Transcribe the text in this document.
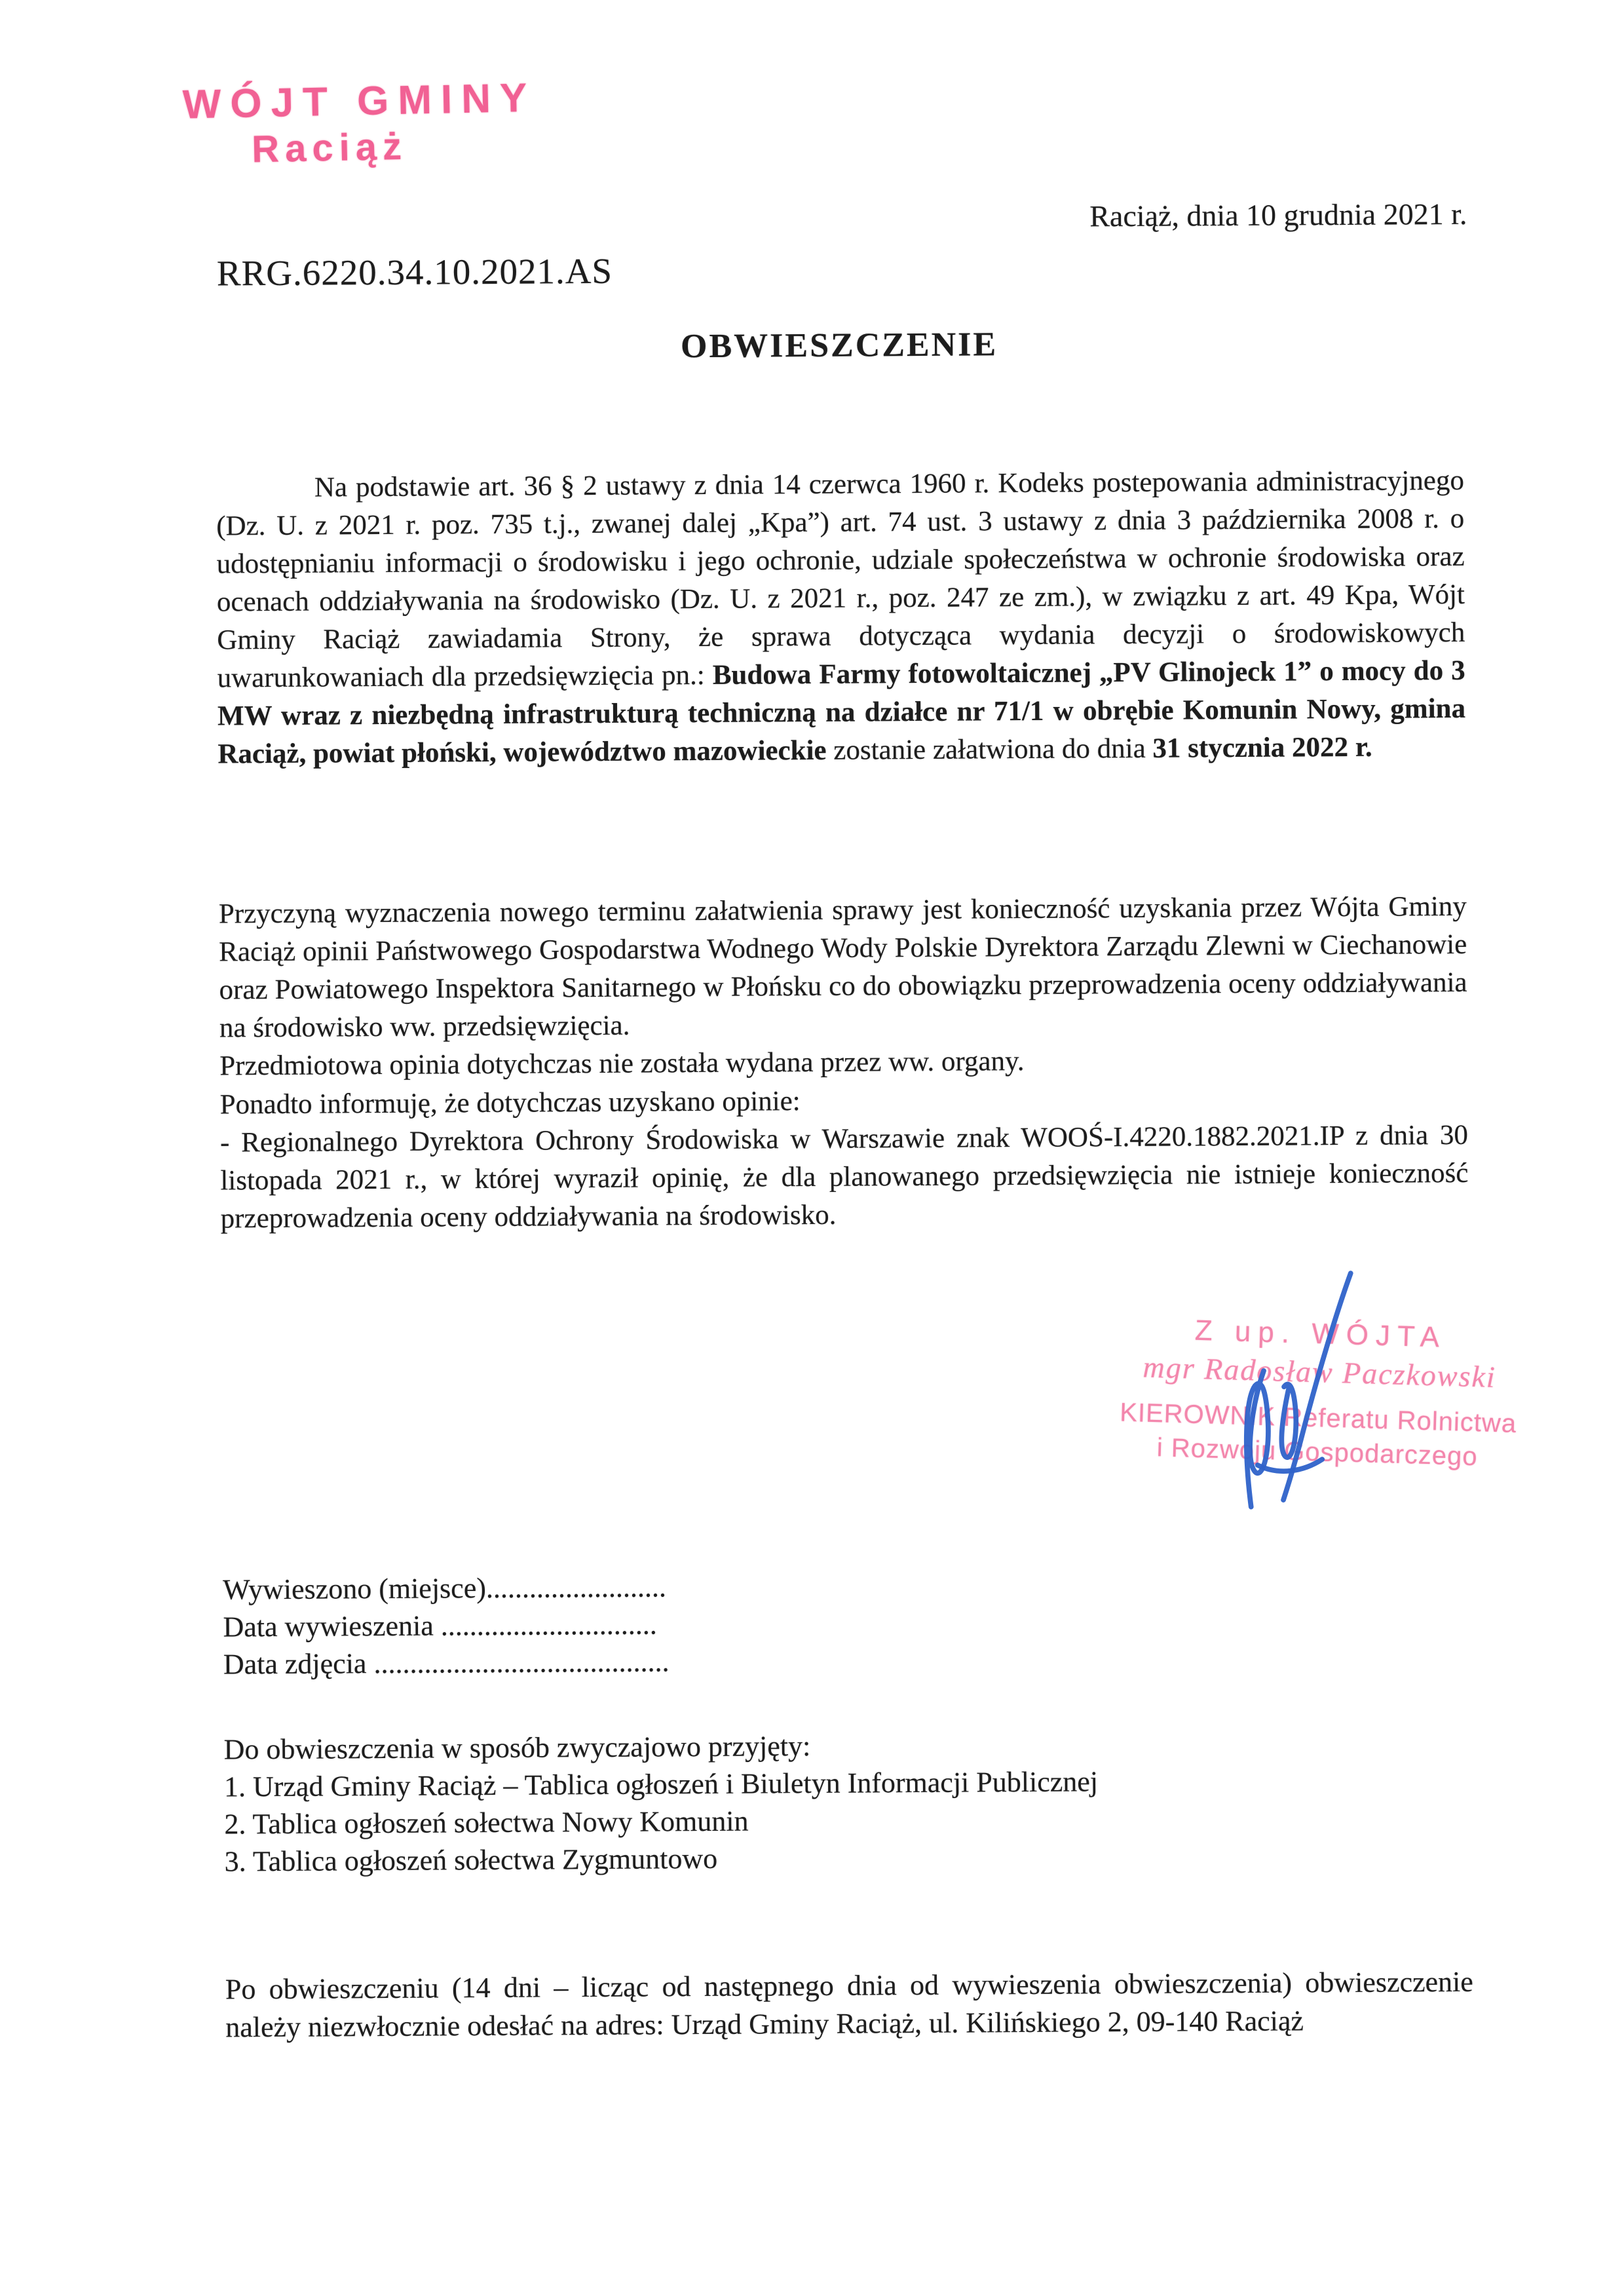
WÓJT GMINY
Raciąż
Raciąż, dnia 10 grudnia 2021 r.
RRG.6220.34.10.2021.AS
OBWIESZCZENIE

Na podstawie art. 36 § 2 ustawy z dnia 14 czerwca 1960 r. Kodeks postepowania administracyjnego (Dz. U. z 2021 r. poz. 735 t.j., zwanej dalej „Kpa”) art. 74 ust. 3 ustawy z dnia 3 października 2008 r. o udostępnianiu informacji o środowisku i jego ochronie, udziale społeczeństwa w ochronie środowiska oraz ocenach oddziaływania na środowisko (Dz. U. z 2021 r., poz. 247 ze zm.), w związku z art. 49 Kpa, Wójt Gminy Raciąż zawiadamia Strony, że sprawa dotycząca wydania decyzji o środowiskowych uwarunkowaniach dla przedsięwzięcia pn.: Budowa Farmy fotowoltaicznej „PV Glinojeck 1” o mocy do 3 MW wraz z niezbędną infrastrukturą techniczną na działce nr 71/1 w obrębie Komunin Nowy, gmina Raciąż, powiat płoński, województwo mazowieckie zostanie załatwiona do dnia 31 stycznia 2022 r.

Przyczyną wyznaczenia nowego terminu załatwienia sprawy jest konieczność uzyskania przez Wójta Gminy Raciąż opinii Państwowego Gospodarstwa Wodnego Wody Polskie Dyrektora Zarządu Zlewni w Ciechanowie oraz Powiatowego Inspektora Sanitarnego w Płońsku co do obowiązku przeprowadzenia oceny oddziaływania na środowisko ww. przedsięwzięcia.
Przedmiotowa opinia dotychczas nie została wydana przez ww. organy.

Ponadto informuję, że dotychczas uzyskano opinie:
- Regionalnego Dyrektora Ochrony Środowiska w Warszawie znak WOOŚ-I.4220.1882.2021.IP z dnia 30 listopada 2021 r., w której wyraził opinię, że dla planowanego przedsięwzięcia nie istnieje konieczność przeprowadzenia oceny oddziaływania na środowisko.
Z up. WÓJTA
mgr Radosław Paczkowski
KIEROWNIK Referatu Rolnictwa
i Rozwoju Gospodarczego
Wywieszono (miejsce).........................
Data wywieszenia ..............................
Data zdjęcia .........................................
Do obwieszczenia w sposób zwyczajowo przyjęty:
1. Urząd Gminy Raciąż – Tablica ogłoszeń i Biuletyn Informacji Publicznej
2. Tablica ogłoszeń sołectwa Nowy Komunin
3. Tablica ogłoszeń sołectwa Zygmuntowo

Po obwieszczeniu (14 dni – licząc od następnego dnia od wywieszenia obwieszczenia) obwieszczenie należy niezwłocznie odesłać na adres: Urząd Gminy Raciąż, ul. Kilińskiego 2, 09-140 Raciąż
